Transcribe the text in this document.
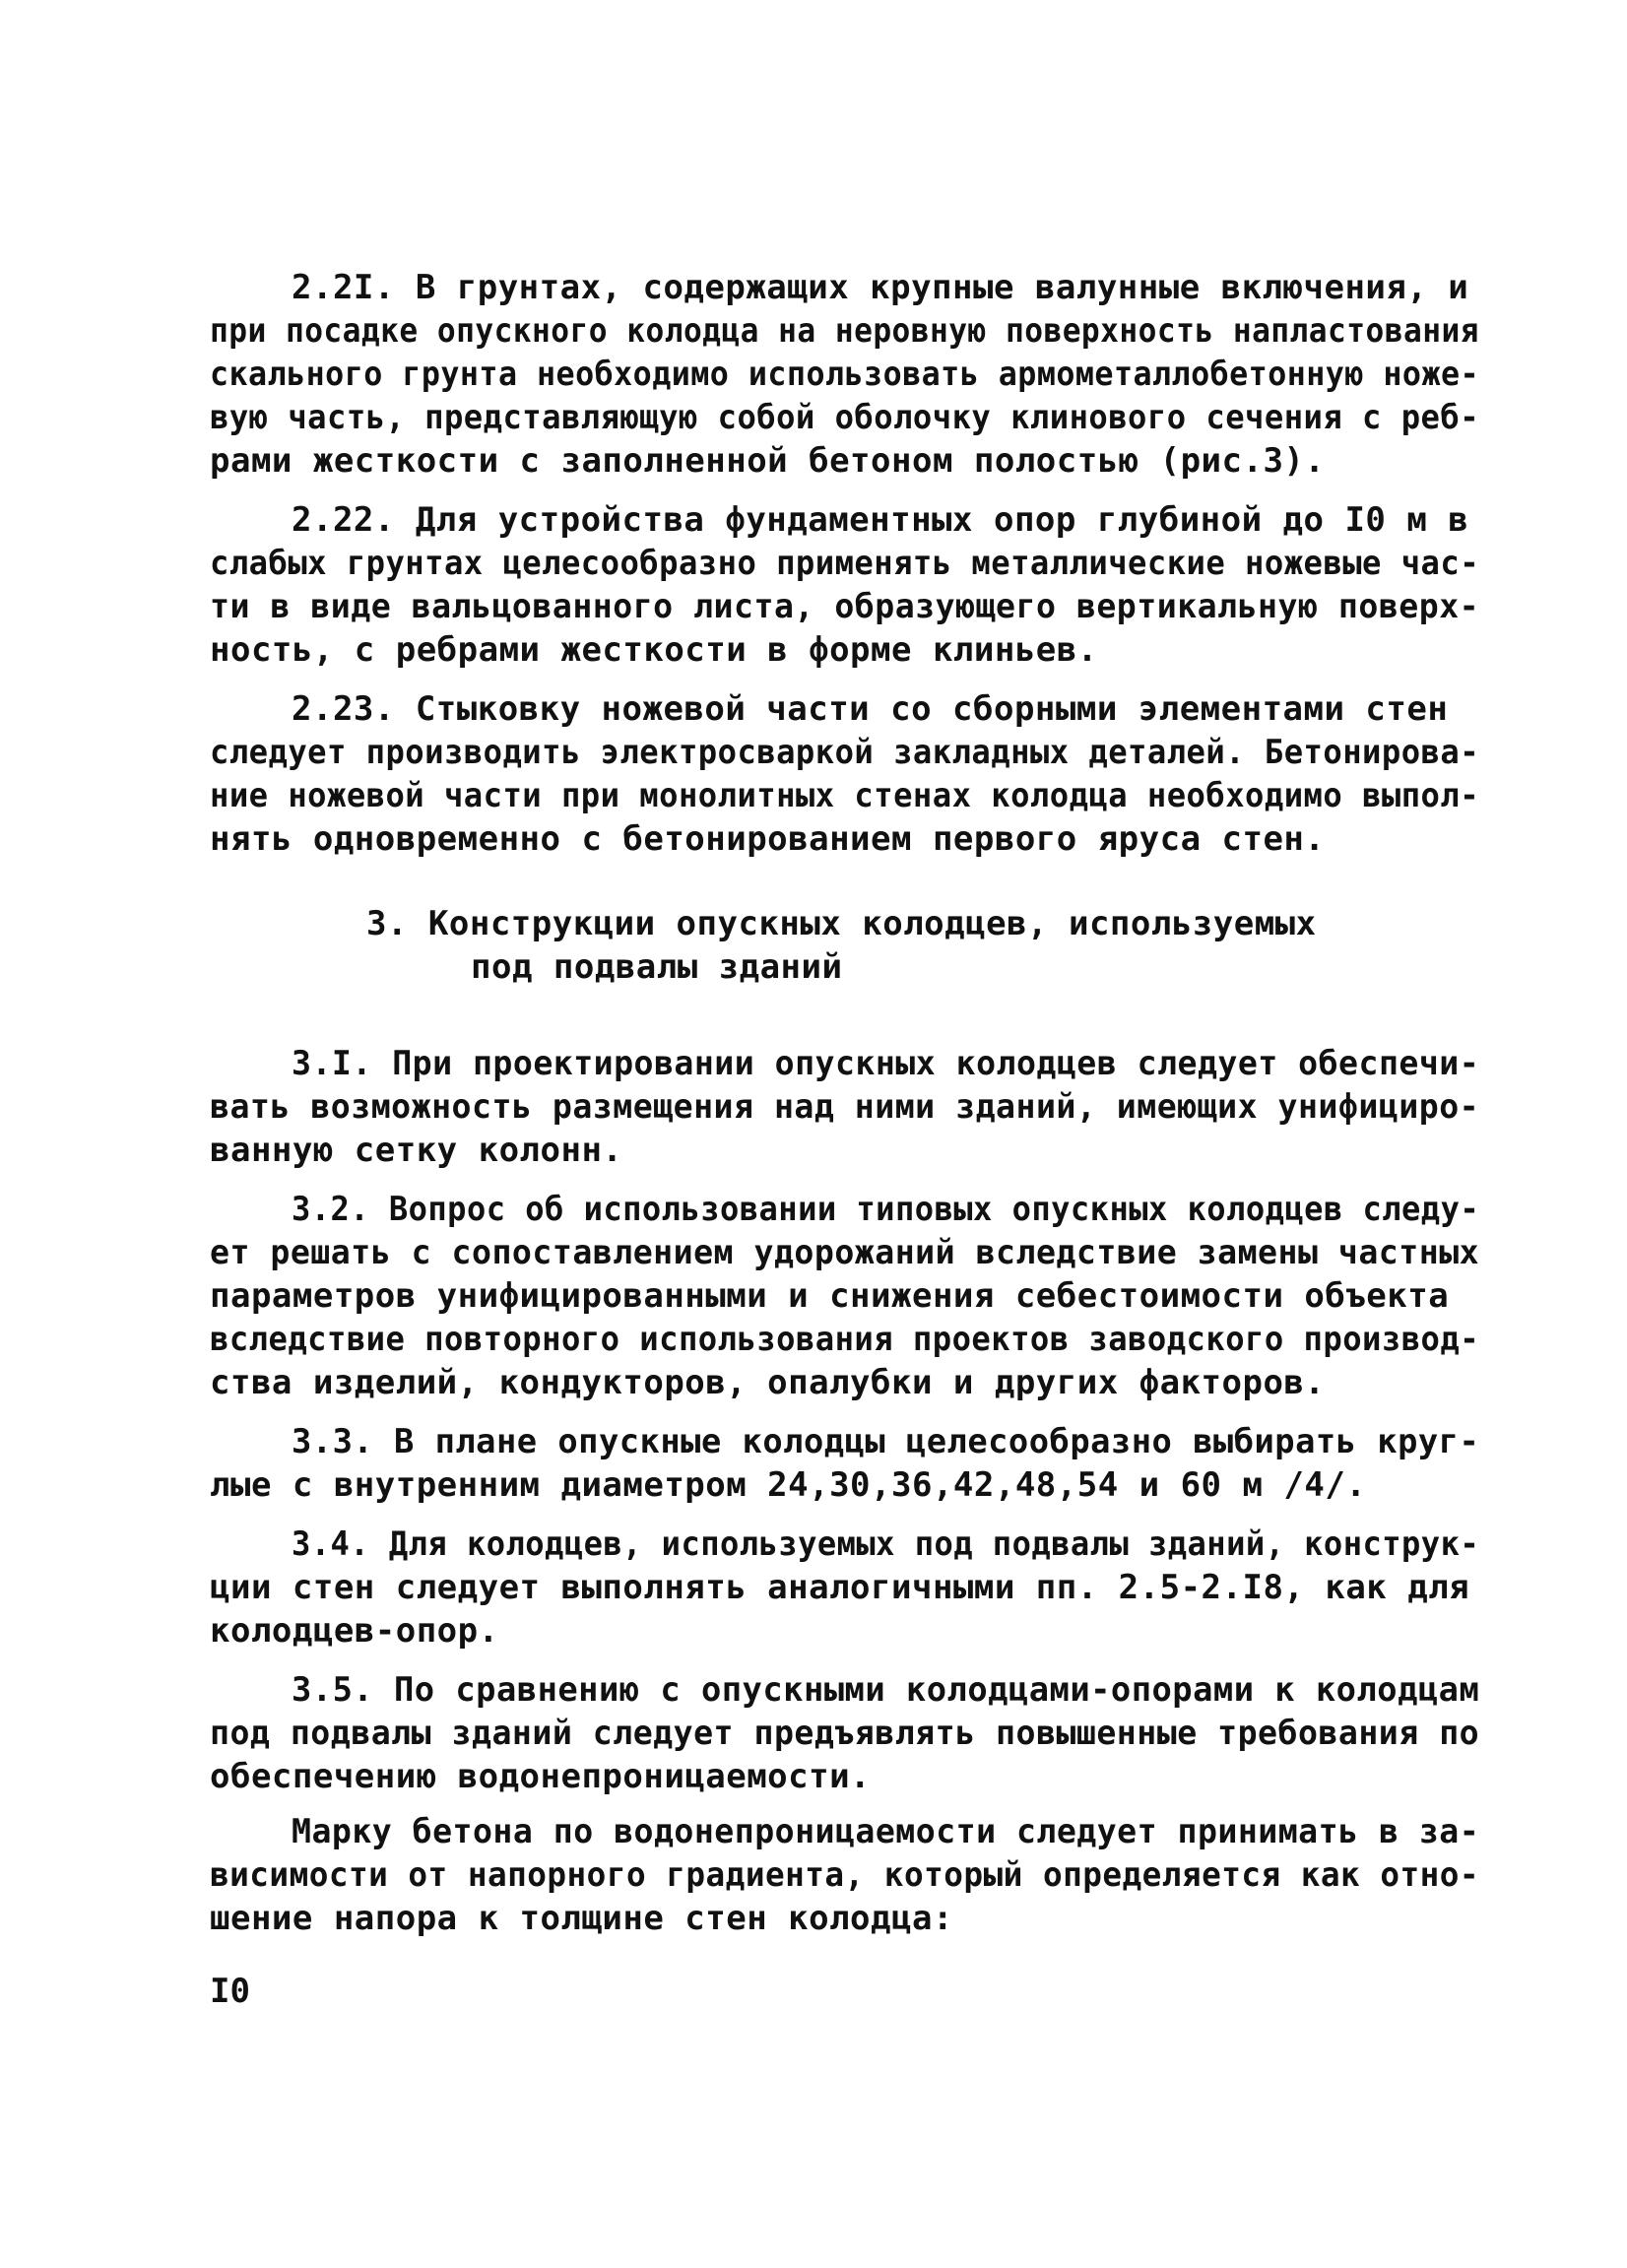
2.2I. В грунтах, содержащих крупные валунные включения, и
при посадке опускного колодца на неровную поверхность напластования
скального грунта необходимо использовать армометаллобетонную ноже-
вую часть, представляющую собой оболочку клинового сечения с реб-
рами жесткости с заполненной бетоном полостью (рис.3).
2.22. Для устройства фундаментных опор глубиной до I0 м в
слабых грунтах целесообразно применять металлические ножевые час-
ти в виде вальцованного листа, образующего вертикальную поверх-
ность, с ребрами жесткости в форме клиньев.
2.23. Стыковку ножевой части со сборными элементами стен
следует производить электросваркой закладных деталей. Бетонирова-
ние ножевой части при монолитных стенах колодца необходимо выпол-
нять одновременно с бетонированием первого яруса стен.
3. Конструкции опускных колодцев, используемых
под подвалы зданий
3.I. При проектировании опускных колодцев следует обеспечи-
вать возможность размещения над ними зданий, имеющих унифициро-
ванную сетку колонн.
3.2. Вопрос об использовании типовых опускных колодцев следу-
ет решать с сопоставлением удорожаний вследствие замены частных
параметров унифицированными и снижения себестоимости объекта
вследствие повторного использования проектов заводского производ-
ства изделий, кондукторов, опалубки и других факторов.
3.3. В плане опускные колодцы целесообразно выбирать круг-
лые с внутренним диаметром 24,30,36,42,48,54 и 60 м /4/.
3.4. Для колодцев, используемых под подвалы зданий, конструк-
ции стен следует выполнять аналогичными пп. 2.5-2.I8, как для
колодцев-опор.
3.5. По сравнению с опускными колодцами-опорами к колодцам
под подвалы зданий следует предъявлять повышенные требования по
обеспечению водонепроницаемости.
Марку бетона по водонепроницаемости следует принимать в за-
висимости от напорного градиента, который определяется как отно-
шение напора к толщине стен колодца:
I0
